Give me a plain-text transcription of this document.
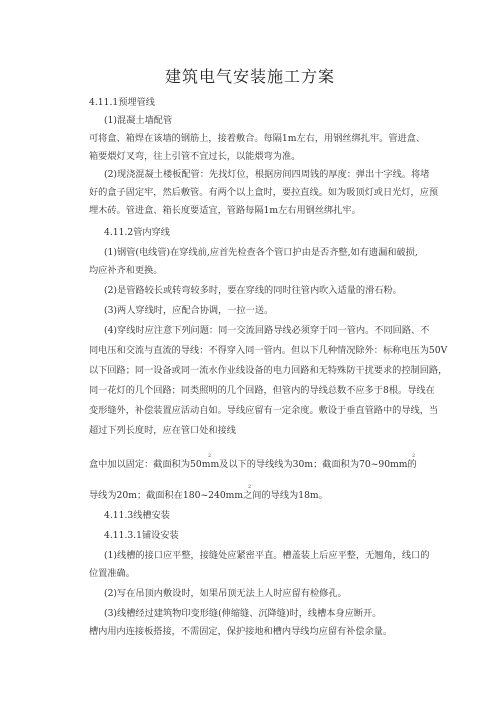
建筑电气安装施工方案
4.11.1预埋管线
(1)混凝土墙配管
可将盒、箱焊在该墙的钢筋上，接着敷合。每隔1m左右，用钢丝绑扎牢。管进盒、
箱要煨灯叉弯，往上引管不宜过长，以能煨弯为准。
(2)现浇混凝土楼板配管：先找灯位，根据房间四周钱的厚度：弹出十字线。将堵
好的盒子固定牢，然后敷管。有两个以上盒时，要拉直线。如为吸顶灯或日光灯，应预
埋木砖。管进盒、箱长度要适宜，管路每隔1m左右用钢丝绑扎牢。
4.11.2管内穿线
(1)钢管(电线管)在穿线前,应首先检查各个管口护由是否齐整,如有遗漏和破损,
均应补齐和更换。
(2)是管路较长或转弯较多时，要在穿线的同时往管内吹入适量的滑石粉。
(3)两人穿线时，应配合协调，一拉一送。
(4)穿线时应注意下列问题：同一交流回路导线必须穿于同一管内。不同回路、不
同电压和交流与直流的导线：不得穿入同一管内。但以下几种情况除外：标称电压为50V
以下回路；同一设备或同一流水作业线设备的电力回路和无特殊防干扰要求的控制回路，
同一花灯的几个回路；同类照明的几个回路，但管内的导线总数不应多于8根。导线在
变形缝外，补偿装置应活动自如。导线应留有一定余度。敷设于垂直管路中的导线，当
超过下列长度时，应在管口处和接线
2	2
盒中加以固定：截面积为50mm及以下的导线线为30m；截面积为70~90mm的
2
导线为20m；截面积在180~240mm之间的导线为18m。
4.11.3线槽安装
4.11.3.1铺设安装
(1)线槽的接口应平整，接缝处应紧密平直。槽盖装上后应平整，无翘角，线口的
位置准确。
(2)写在吊顶内敷设时，如果吊顶无法上人时应留有检修孔。
(3)线槽经过建筑物印变形缝(伸缩缝、沉降缝)时，线槽本身应断开。
槽内用内连接板搭接，不需固定，保护接地和槽内导线均应留有补偿余量。
